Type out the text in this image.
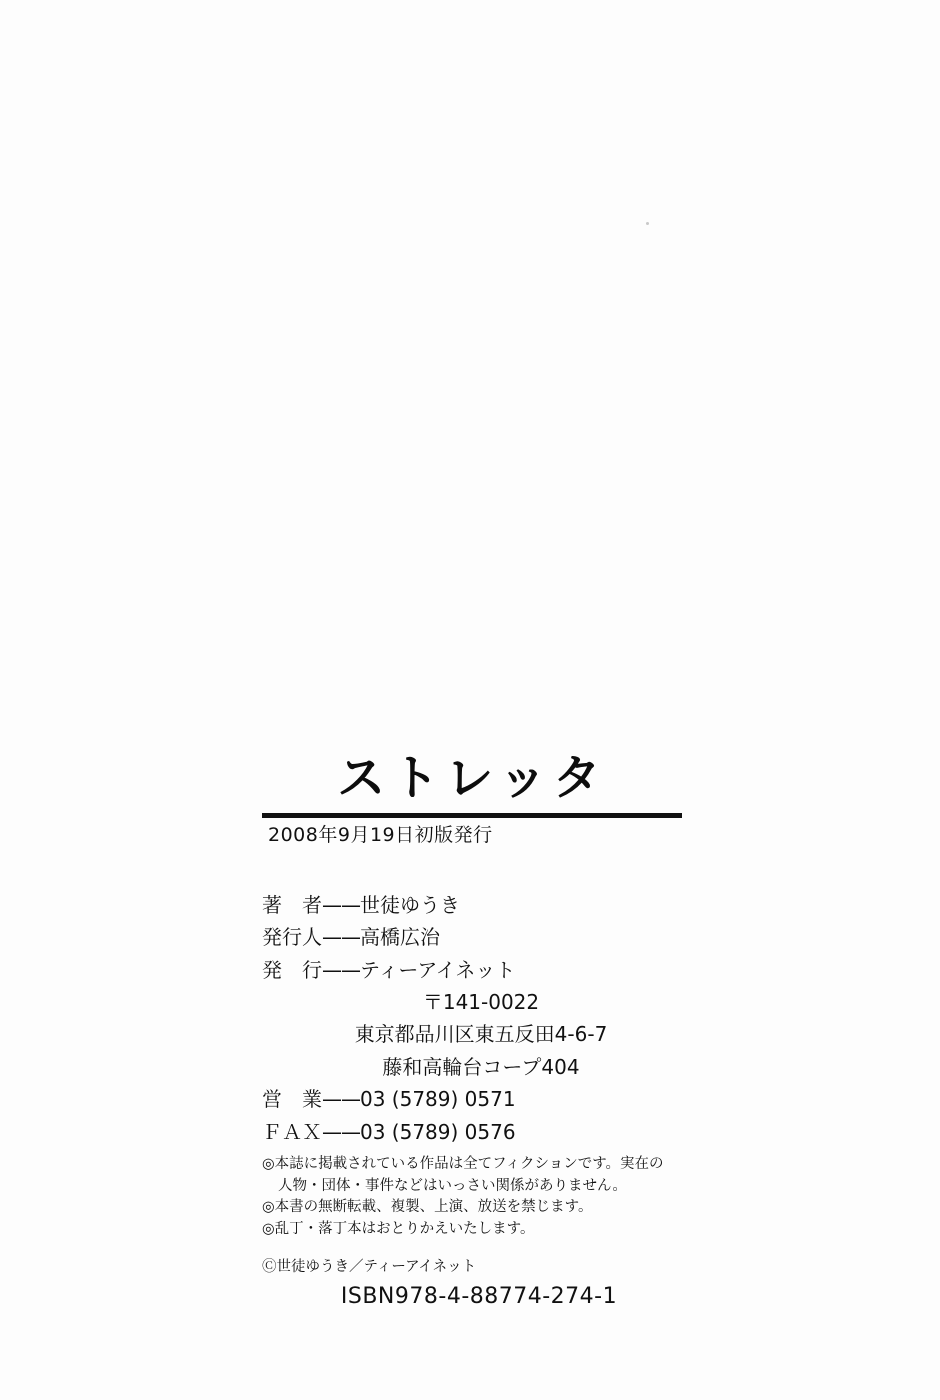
ストレッタ
2008年9月19日初版発行
著　者——世徒ゆうき
発行人——高橋広治
発　行——ティーアイネット
〒141-0022
東京都品川区東五反田4-6-7
藤和高輪台コープ404
営　業——03 (5789) 0571
ＦＡＸ——03 (5789) 0576
◎本誌に掲載されている作品は全てフィクションです。実在の
人物・団体・事件などはいっさい関係がありません。
◎本書の無断転載、複製、上演、放送を禁じます。
◎乱丁・落丁本はおとりかえいたします。
Ⓒ世徒ゆうき／ティーアイネット
ISBN978-4-88774-274-1
